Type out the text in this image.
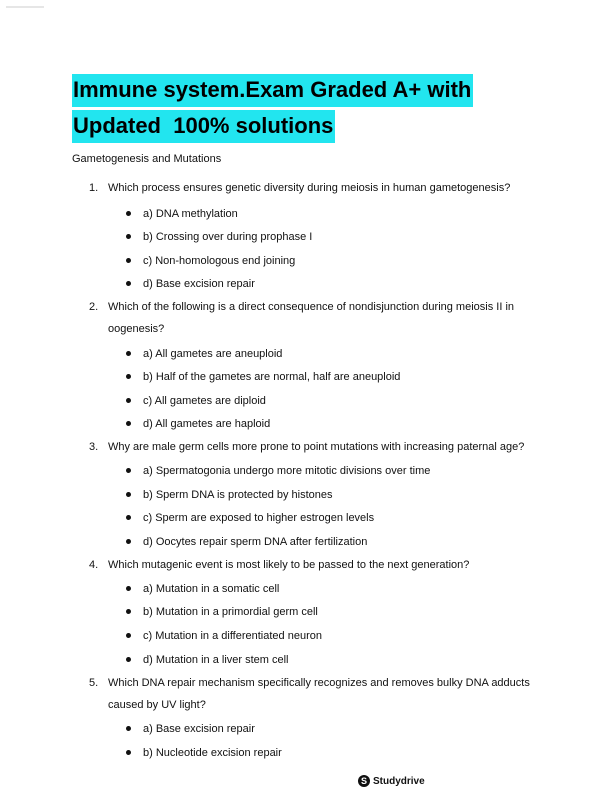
Immune system.Exam Graded A+ with
Updated  100% solutions
Gametogenesis and Mutations
1. Which process ensures genetic diversity during meiosis in human gametogenesis?
a) DNA methylation
b) Crossing over during prophase I
c) Non-homologous end joining
d) Base excision repair
2. Which of the following is a direct consequence of nondisjunction during meiosis II in oogenesis?
a) All gametes are aneuploid
b) Half of the gametes are normal, half are aneuploid
c) All gametes are diploid
d) All gametes are haploid
3. Why are male germ cells more prone to point mutations with increasing paternal age?
a) Spermatogonia undergo more mitotic divisions over time
b) Sperm DNA is protected by histones
c) Sperm are exposed to higher estrogen levels
d) Oocytes repair sperm DNA after fertilization
4. Which mutagenic event is most likely to be passed to the next generation?
a) Mutation in a somatic cell
b) Mutation in a primordial germ cell
c) Mutation in a differentiated neuron
d) Mutation in a liver stem cell
5. Which DNA repair mechanism specifically recognizes and removes bulky DNA adducts caused by UV light?
a) Base excision repair
b) Nucleotide excision repair
S Studydrive
